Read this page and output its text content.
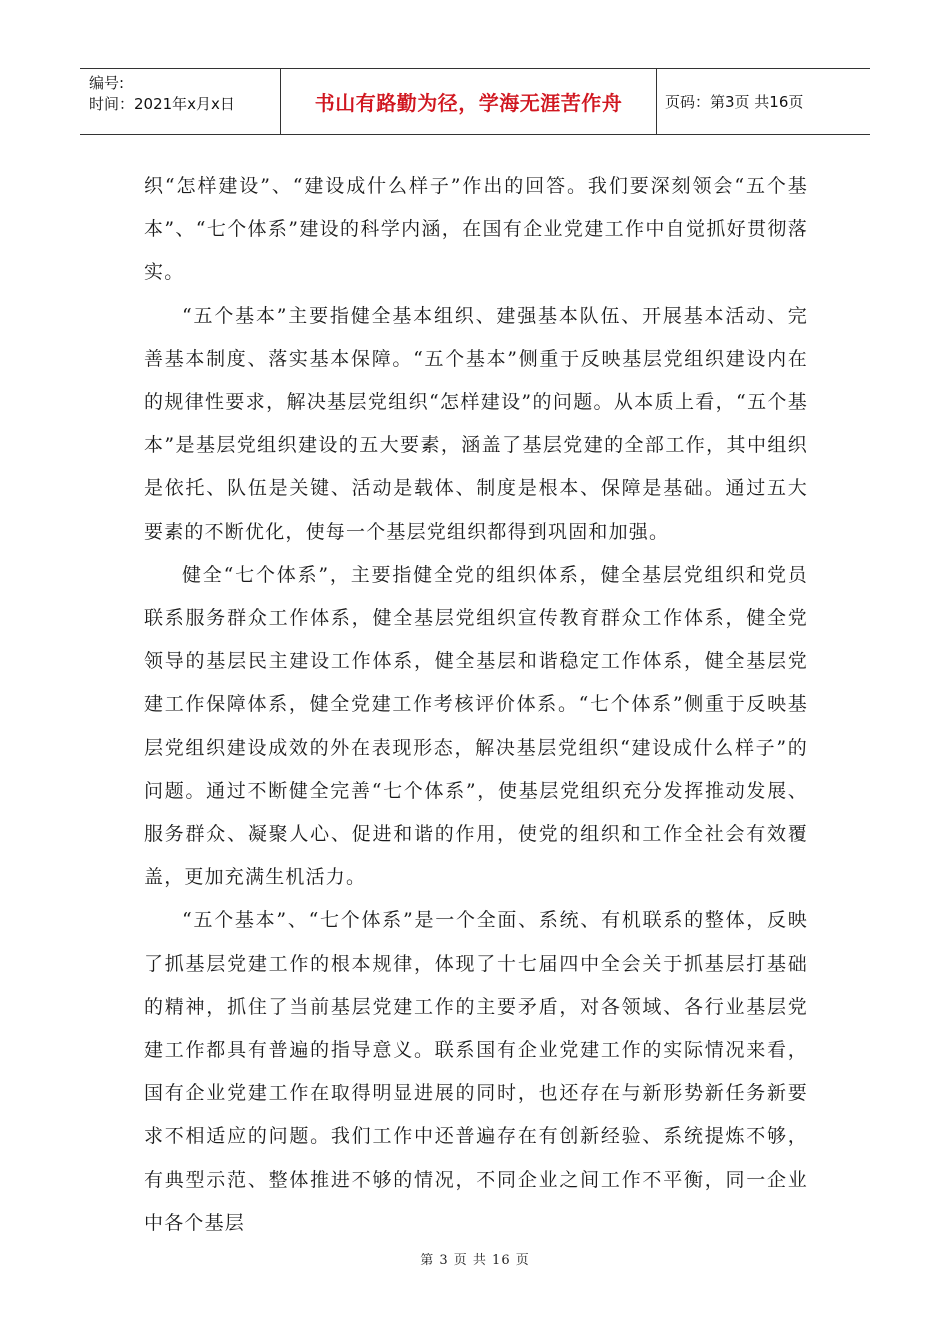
编号:
时间：2021年x月x日	书山有路勤为径，学海无涯苦作舟	页码：第3页 共16页

织“怎样建设”、“建设成什么样子”作出的回答。我们要深刻领会“五个基本”、“七个体系”建设的科学内涵，在国有企业党建工作中自觉抓好贯彻落实。

“五个基本”主要指健全基本组织、建强基本队伍、开展基本活动、完善基本制度、落实基本保障。“五个基本”侧重于反映基层党组织建设内在的规律性要求，解决基层党组织“怎样建设”的问题。从本质上看，“五个基本”是基层党组织建设的五大要素，涵盖了基层党建的全部工作，其中组织是依托、队伍是关键、活动是载体、制度是根本、保障是基础。通过五大要素的不断优化，使每一个基层党组织都得到巩固和加强。

健全“七个体系”，主要指健全党的组织体系，健全基层党组织和党员联系服务群众工作体系，健全基层党组织宣传教育群众工作体系，健全党领导的基层民主建设工作体系，健全基层和谐稳定工作体系，健全基层党建工作保障体系，健全党建工作考核评价体系。“七个体系”侧重于反映基层党组织建设成效的外在表现形态，解决基层党组织“建设成什么样子”的问题。通过不断健全完善“七个体系”，使基层党组织充分发挥推动发展、服务群众、凝聚人心、促进和谐的作用，使党的组织和工作全社会有效覆盖，更加充满生机活力。

“五个基本”、“七个体系”是一个全面、系统、有机联系的整体，反映了抓基层党建工作的根本规律，体现了十七届四中全会关于抓基层打基础的精神，抓住了当前基层党建工作的主要矛盾，对各领域、各行业基层党建工作都具有普遍的指导意义。联系国有企业党建工作的实际情况来看，国有企业党建工作在取得明显进展的同时，也还存在与新形势新任务新要求不相适应的问题。我们工作中还普遍存在有创新经验、系统提炼不够，有典型示范、整体推进不够的情况，不同企业之间工作不平衡，同一企业中各个基层

第 3 页 共 16 页
